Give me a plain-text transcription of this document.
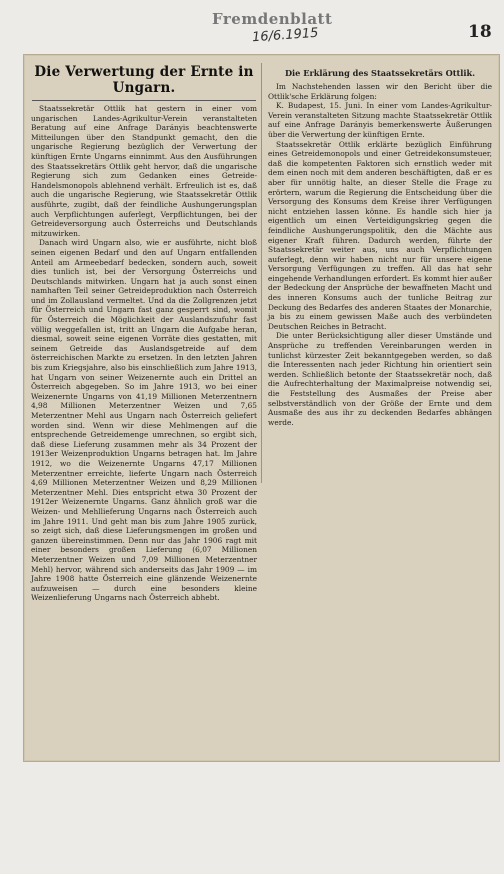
Fremdenblatt
16/6.1915	18
Die Verwertung der Ernte in Ungarn.

Staatssekretär Ottlik hat gestern in einer vom ungarischen Landes-Agrikultur-Verein veranstalteten Beratung auf eine Anfrage Darányis beachtenswerte Mitteilungen über den Standpunkt gemacht, den die ungarische Regierung bezüglich der Verwertung der künftigen Ernte Ungarns einnimmt. Aus den Ausführungen des Staatssekretärs Ottlik geht hervor, daß die ungarische Regierung sich zum Gedanken eines Getreide-Handelsmonopols ablehnend verhält. Erfreulich ist es, daß auch die ungarische Regierung, wie Staatssekretär Ottlik ausführte, zugibt, daß der feindliche Aushungerungsplan auch Verpflichtungen auferlegt, Verpflichtungen, bei der Getreideversorgung auch Österreichs und Deutschlands mitzuwirken.

Danach wird Ungarn also, wie er ausführte, nicht bloß seinen eigenen Bedarf und den auf Ungarn entfallenden Anteil am Armeebedarf bedecken, sondern auch, soweit dies tunlich ist, bei der Versorgung Österreichs und Deutschlands mitwirken. Ungarn hat ja auch sonst einen namhaften Teil seiner Getreideproduktion nach Österreich und im Zollausland vermeltet. Und da die Zollgrenzen jetzt für Österreich und Ungarn fast ganz gesperrt sind, womit für Österreich die Möglichkeit der Auslandszufuhr fast völlig weggefallen ist, tritt an Ungarn die Aufgabe heran, diesmal, soweit seine eigenen Vorräte dies gestatten, mit seinem Getreide das Auslandsgetreide auf dem österreichischen Markte zu ersetzen. In den letzten Jahren bis zum Kriegsjahre, also bis einschließlich zum Jahre 1913, hat Ungarn von seiner Weizenernte auch ein Drittel an Österreich abgegeben. So im Jahre 1913, wo bei einer Weizenernte Ungarns von 41,19 Millionen Meterzentnern 4,98 Millionen Meterzentner Weizen und 7,65 Meterzentner Mehl aus Ungarn nach Österreich geliefert worden sind. Wenn wir diese Mehlmengen auf die entsprechende Getreidemenge umrechnen, so ergibt sich, daß diese Lieferung zusammen mehr als 34 Prozent der 1913er Weizenproduktion Ungarns betragen hat. Im Jahre 1912, wo die Weizenernte Ungarns 47,17 Millionen Meterzentner erreichte, lieferte Ungarn nach Österreich 4,69 Millionen Meterzentner Weizen und 8,29 Millionen Meterzentner Mehl. Dies entspricht etwa 30 Prozent der 1912er Weizenernte Ungarns. Ganz ähnlich groß war die Weizen- und Mehllieferung Ungarns nach Österreich auch im Jahre 1911. Und geht man bis zum Jahre 1905 zurück, so zeigt sich, daß diese Lieferungsmengen im großen und ganzen übereinstimmen. Denn nur das Jahr 1906 ragt mit einer besonders großen Lieferung (6,07 Millionen Meterzentner Weizen und 7,09 Millionen Meterzentner Mehl) hervor, während sich anderseits das Jahr 1909 — im Jahre 1908 hatte Österreich eine glänzende Weizenernte aufzuweisen — durch eine besonders kleine Weizenlieferung Ungarns nach Österreich abhebt.

Die Erklärung des Staatssekretärs Ottlik.

Im Nachstehenden lassen wir den Bericht über die Ottlik'sche Erklärung folgen:

K. Budapest, 15. Juni. In einer vom Landes-Agrikultur-Verein veranstalteten Sitzung machte Staatssekretär Ottlik auf eine Anfrage Darányis bemerkenswerte Äußerungen über die Verwertung der künftigen Ernte.

Staatssekretär Ottlik erklärte bezüglich Einführung eines Getreidemonopols und einer Getreidekonsumsteuer, daß die kompetenten Faktoren sich ernstlich weder mit dem einen noch mit dem anderen beschäftigten, daß er es aber für unnötig halte, an dieser Stelle die Frage zu erörtern, warum die Regierung die Entscheidung über die Versorgung des Konsums dem Kreise ihrer Verfügungen nicht entziehen lassen könne. Es handle sich hier ja eigentlich um einen Verteidigungskrieg gegen die feindliche Aushungerungspolitik, den die Mächte aus eigener Kraft führen. Dadurch werden, führte der Staatssekretär weiter aus, uns auch Verpflichtungen auferlegt, denn wir haben nicht nur für unsere eigene Versorgung Verfügungen zu treffen. All das hat sehr eingehende Verhandlungen erfordert. Es kommt hier außer der Bedeckung der Ansprüche der bewaffneten Macht und des inneren Konsums auch der tunliche Beitrag zur Deckung des Bedarfes des anderen Staates der Monarchie, ja bis zu einem gewissen Maße auch des verbündeten Deutschen Reiches in Betracht.

Die unter Berücksichtigung aller dieser Umstände und Ansprüche zu treffenden Vereinbarungen werden in tunlichst kürzester Zeit bekanntgegeben werden, so daß die Interessenten nach jeder Richtung hin orientiert sein werden. Schließlich betonte der Staatssekretär noch, daß die Aufrechterhaltung der Maximalpreise notwendig sei, die Feststellung des Ausmaßes der Preise aber selbstverständlich von der Größe der Ernte und dem Ausmaße des aus ihr zu deckenden Bedarfes abhängen werde.
